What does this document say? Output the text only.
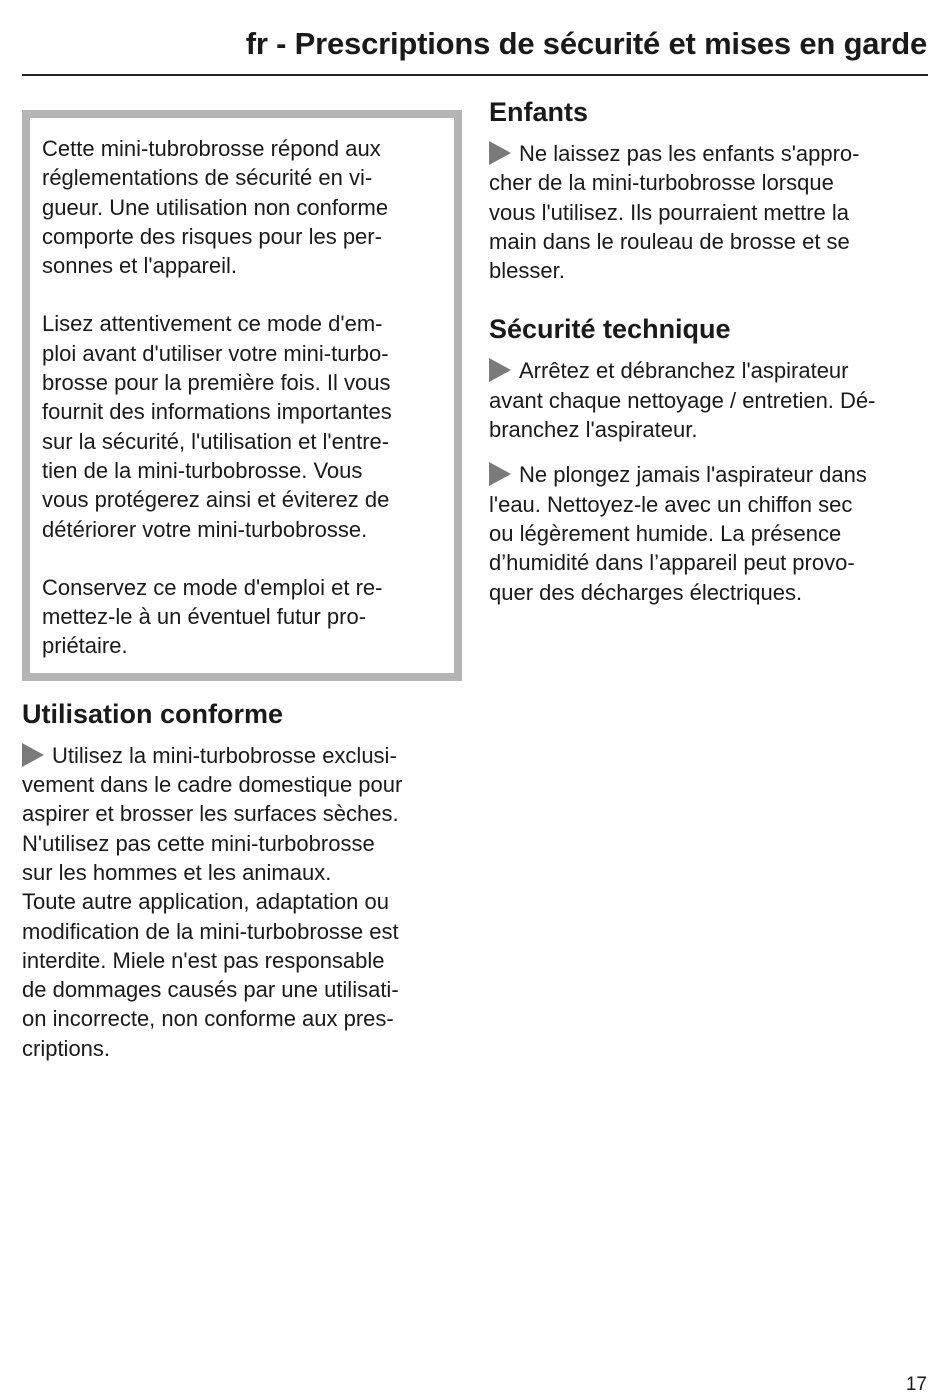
fr - Prescriptions de sécurité et mises en garde

Cette mini-tubrobrosse répond aux
réglementations de sécurité en vi-
gueur. Une utilisation non conforme
comporte des risques pour les per-
sonnes et l'appareil.

Lisez attentivement ce mode d'em-
ploi avant d'utiliser votre mini-turbo-
brosse pour la première fois. Il vous
fournit des informations importantes
sur la sécurité, l'utilisation et l'entre-
tien de la mini-turbobrosse. Vous
vous protégerez ainsi et éviterez de
détériorer votre mini-turbobrosse.

Conservez ce mode d'emploi et re-
mettez-le à un éventuel futur pro-
priétaire.

Utilisation conforme

Utilisez la mini-turbobrosse exclusi-
vement dans le cadre domestique pour
aspirer et brosser les surfaces sèches.
N'utilisez pas cette mini-turbobrosse
sur les hommes et les animaux.
Toute autre application, adaptation ou
modification de la mini-turbobrosse est
interdite. Miele n'est pas responsable
de dommages causés par une utilisati-
on incorrecte, non conforme aux pres-
criptions.

Enfants

Ne laissez pas les enfants s'appro-
cher de la mini-turbobrosse lorsque
vous l'utilisez. Ils pourraient mettre la
main dans le rouleau de brosse et se
blesser.

Sécurité technique

Arrêtez et débranchez l'aspirateur
avant chaque nettoyage / entretien. Dé-
branchez l'aspirateur.

Ne plongez jamais l'aspirateur dans
l'eau. Nettoyez-le avec un chiffon sec
ou légèrement humide. La présence
d’humidité dans l’appareil peut provo-
quer des décharges électriques.

17
